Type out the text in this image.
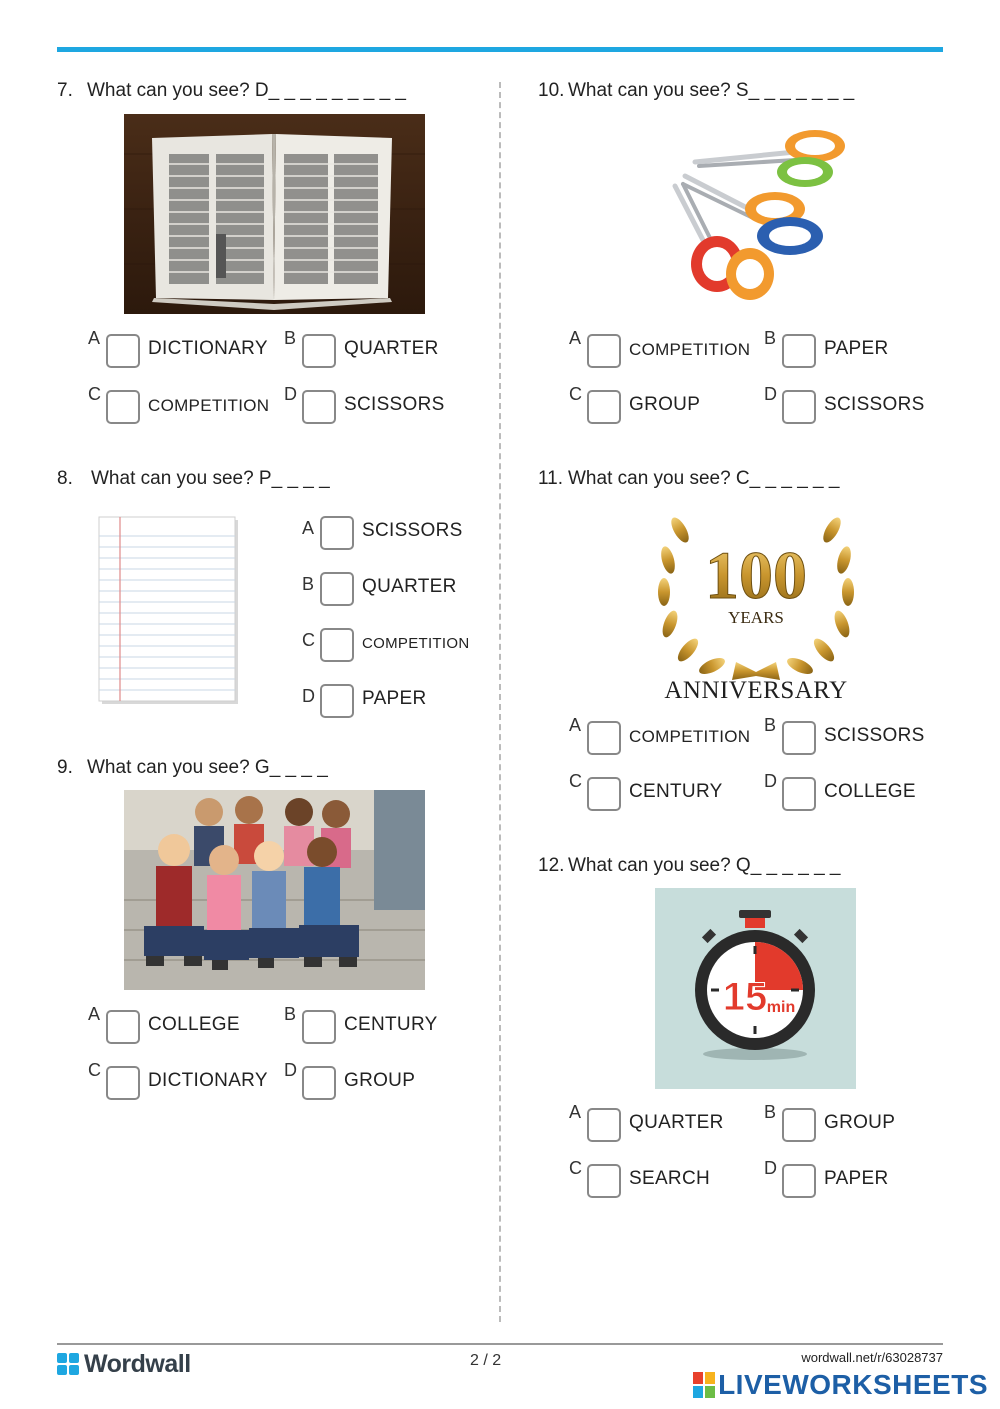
7. What can you see? D_ _ _ _ _ _ _ _ _
A	DICTIONARY B	QUARTER
C
COMPETITION
D SCISSORS
8. What can you see? P_ _ _ _
A	SCISSORS
B	QUARTER
C	COMPETITION
D PAPER
9. What can you see? G_ _ _ _
A	COLLEGE B	CENTURY
C DICTIONARY D GROUP
10. What can you see? S_ _ _ _ _ _ _
A
COMPETITION
B	PAPER
C GROUP	D SCISSORS
11. What can you see? C_ _ _ _ _ _
100
YEARS
ANNIVERSARY
A
COMPETITION
B	SCISSORS
C CENTURY D COLLEGE
12. What can you see? Q_ _ _ _ _ _
15 min
A	QUARTER B	GROUP
C SEARCH	D PAPER
Wordwall	2 / 2	wordwall.net/r/63028737
LIVEWORKSHEETS
